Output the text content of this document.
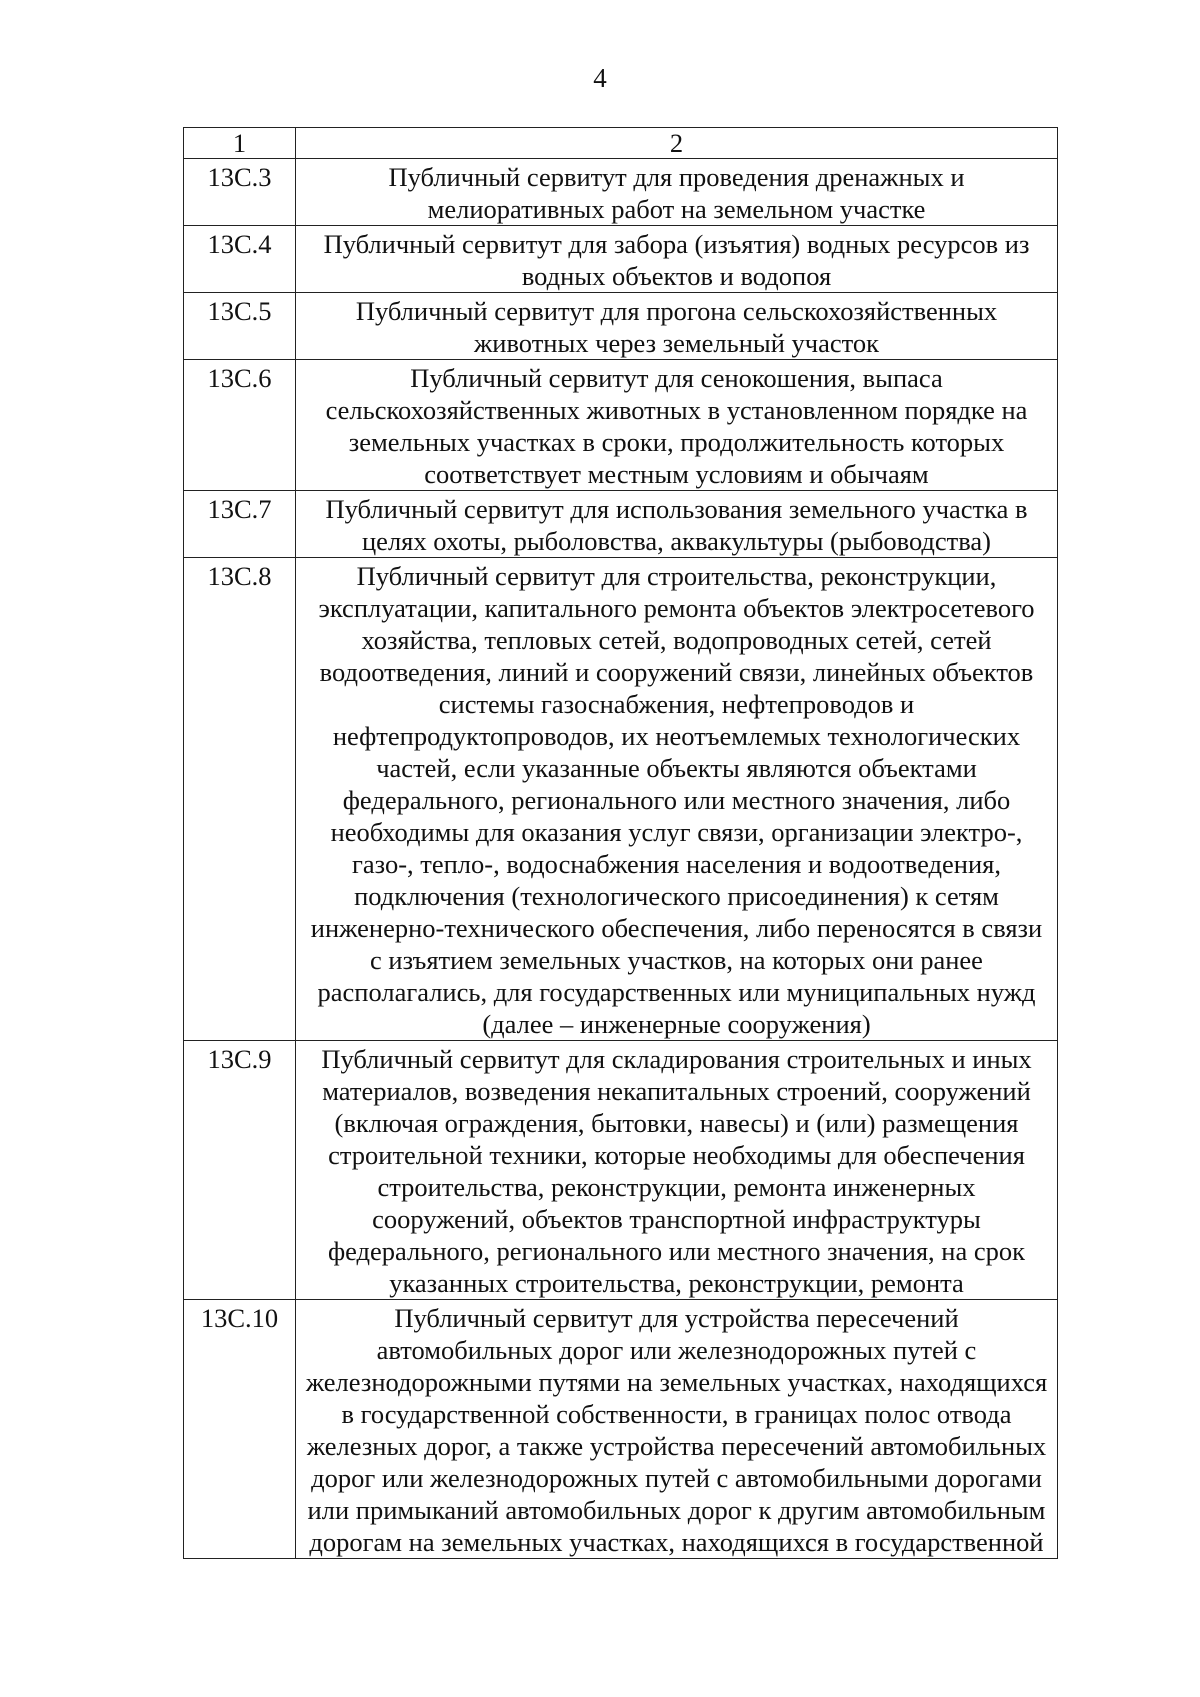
4
1	2
13С.3	Публичный сервитут для проведения дренажных и мелиоративных работ на земельном участке
13С.4	Публичный сервитут для забора (изъятия) водных ресурсов из водных объектов и водопоя
13С.5	Публичный сервитут для прогона сельскохозяйственных животных через земельный участок
13С.6	Публичный сервитут для сенокошения, выпаса сельскохозяйственных животных в установленном порядке на земельных участках в сроки, продолжительность которых соответствует местным условиям и обычаям
13С.7	Публичный сервитут для использования земельного участка в целях охоты, рыболовства, аквакультуры (рыбоводства)
13С.8	Публичный сервитут для строительства, реконструкции, эксплуатации, капитального ремонта объектов электросетевого хозяйства, тепловых сетей, водопроводных сетей, сетей водоотведения, линий и сооружений связи, линейных объектов системы газоснабжения, нефтепроводов и нефтепродуктопроводов, их неотъемлемых технологических частей, если указанные объекты являются объектами федерального, регионального или местного значения, либо необходимы для оказания услуг связи, организации электро-, газо-, тепло-, водоснабжения населения и водоотведения, подключения (технологического присоединения) к сетям инженерно-технического обеспечения, либо переносятся в связи с изъятием земельных участков, на которых они ранее располагались, для государственных или муниципальных нужд (далее – инженерные сооружения)
13С.9	Публичный сервитут для складирования строительных и иных материалов, возведения некапитальных строений, сооружений (включая ограждения, бытовки, навесы) и (или) размещения строительной техники, которые необходимы для обеспечения строительства, реконструкции, ремонта инженерных сооружений, объектов транспортной инфраструктуры федерального, регионального или местного значения, на срок указанных строительства, реконструкции, ремонта
13С.10	Публичный сервитут для устройства пересечений автомобильных дорог или железнодорожных путей с железнодорожными путями на земельных участках, находящихся в государственной собственности, в границах полос отвода железных дорог, а также устройства пересечений автомобильных дорог или железнодорожных путей с автомобильными дорогами или примыканий автомобильных дорог к другим автомобильным дорогам на земельных участках, находящихся в государственной
